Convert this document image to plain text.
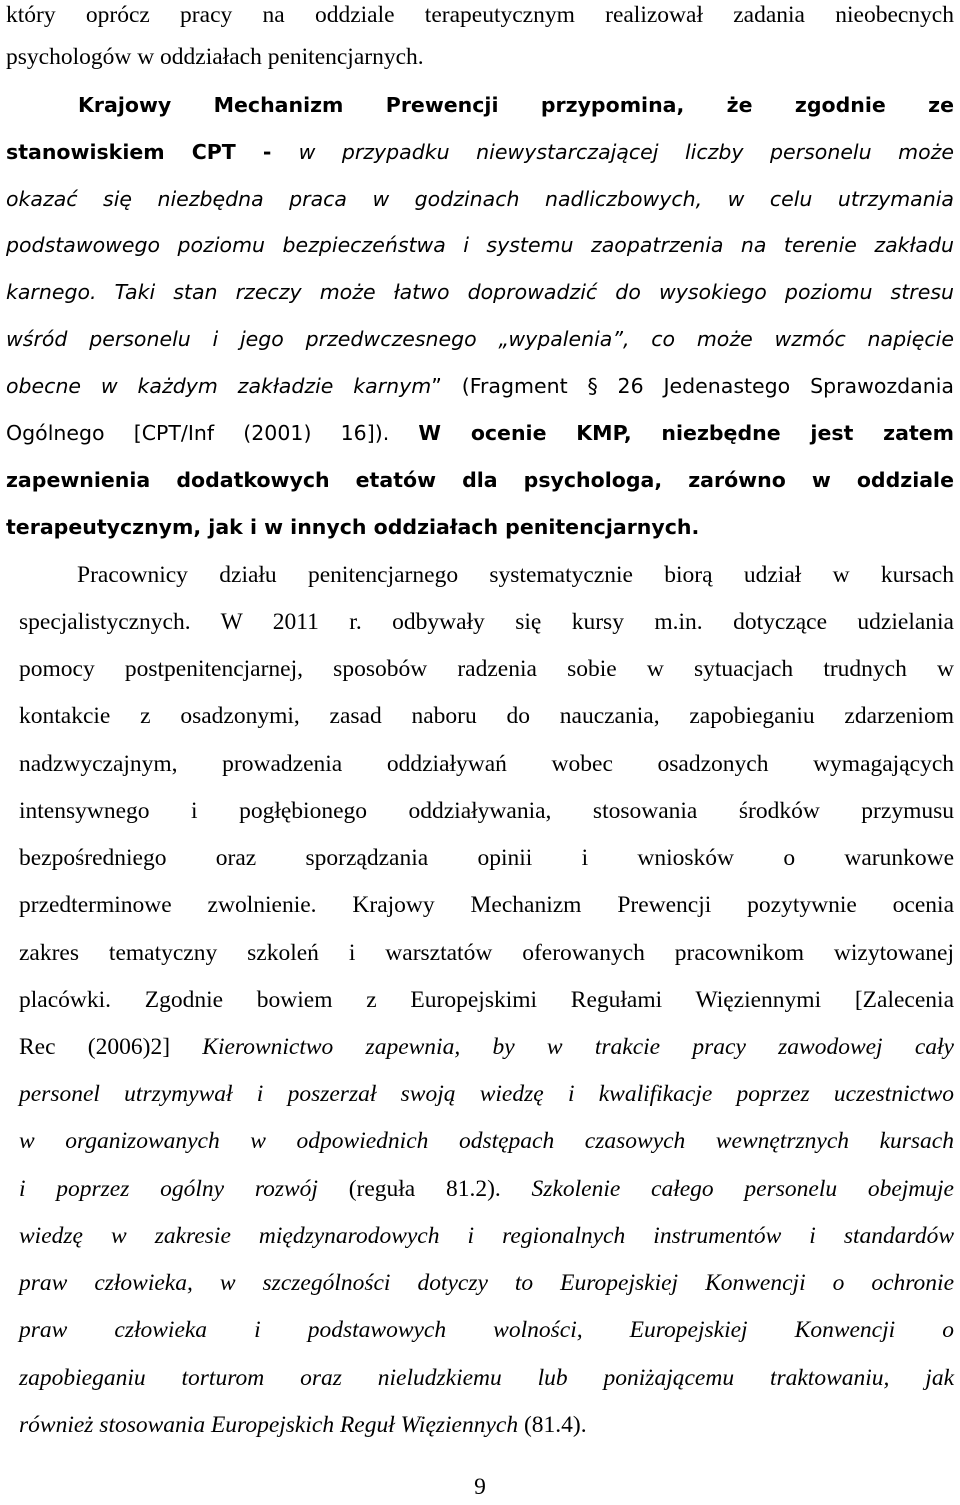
który oprócz pracy na oddziale terapeutycznym realizował zadania nieobecnych
psychologów w oddziałach penitencjarnych.
Krajowy Mechanizm Prewencji przypomina, że zgodnie ze
stanowiskiem CPT - w przypadku niewystarczającej liczby personelu może
okazać się niezbędna praca w godzinach nadliczbowych, w celu utrzymania
podstawowego poziomu bezpieczeństwa i systemu zaopatrzenia na terenie zakładu
karnego. Taki stan rzeczy może łatwo doprowadzić do wysokiego poziomu stresu
wśród personelu i jego przedwczesnego „wypalenia”, co może wzmóc napięcie
obecne w każdym zakładzie karnym” (Fragment § 26 Jedenastego Sprawozdania
Ogólnego [CPT/Inf (2001) 16]). W ocenie KMP, niezbędne jest zatem
zapewnienia dodatkowych etatów dla psychologa, zarówno w oddziale
terapeutycznym, jak i w innych oddziałach penitencjarnych.
Pracownicy działu penitencjarnego systematycznie biorą udział w kursach
specjalistycznych. W 2011 r. odbywały się kursy m.in. dotyczące udzielania
pomocy postpenitencjarnej, sposobów radzenia sobie w sytuacjach trudnych w
kontakcie z osadzonymi, zasad naboru do nauczania, zapobieganiu zdarzeniom
nadzwyczajnym, prowadzenia oddziaływań wobec osadzonych wymagających
intensywnego i pogłębionego oddziaływania, stosowania środków przymusu
bezpośredniego oraz sporządzania opinii i wniosków o warunkowe
przedterminowe zwolnienie. Krajowy Mechanizm Prewencji pozytywnie ocenia
zakres tematyczny szkoleń i warsztatów oferowanych pracownikom wizytowanej
placówki. Zgodnie bowiem z Europejskimi Regułami Więziennymi [Zalecenia
Rec (2006)2] Kierownictwo zapewnia, by w trakcie pracy zawodowej cały
personel utrzymywał i poszerzał swoją wiedzę i kwalifikacje poprzez uczestnictwo
w organizowanych w odpowiednich odstępach czasowych wewnętrznych kursach
i poprzez ogólny rozwój (reguła 81.2). Szkolenie całego personelu obejmuje
wiedzę w zakresie międzynarodowych i regionalnych instrumentów i standardów
praw człowieka, w szczególności dotyczy to Europejskiej Konwencji o ochronie
praw człowieka i podstawowych wolności, Europejskiej Konwencji o
zapobieganiu torturom oraz nieludzkiemu lub poniżającemu traktowaniu, jak
również stosowania Europejskich Reguł Więziennych (81.4).
9
